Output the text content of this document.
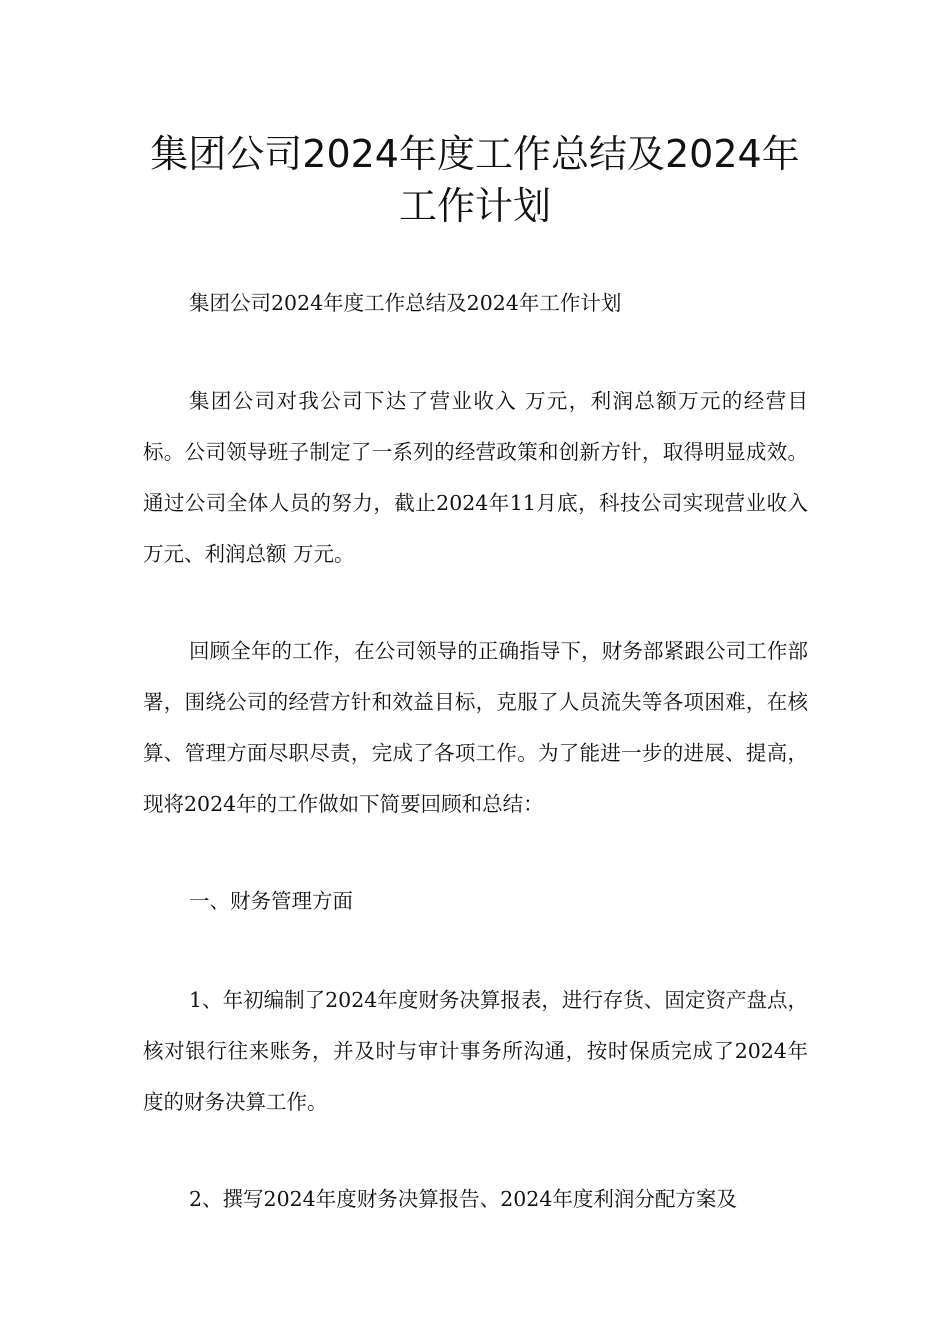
集团公司2024年度工作总结及2024年
工作计划

集团公司2024年度工作总结及2024年工作计划

集团公司对我公司下达了营业收入 万元，利润总额万元的经营目标。公司领导班子制定了一系列的经营政策和创新方针，取得明显成效。通过公司全体人员的努力，截止2024年11月底，科技公司实现营业收入 万元、利润总额 万元。

回顾全年的工作，在公司领导的正确指导下，财务部紧跟公司工作部署，围绕公司的经营方针和效益目标，克服了人员流失等各项困难，在核算、管理方面尽职尽责，完成了各项工作。为了能进一步的进展、提高，现将2024年的工作做如下简要回顾和总结：

一、财务管理方面

1、年初编制了2024年度财务决算报表，进行存货、固定资产盘点，核对银行往来账务，并及时与审计事务所沟通，按时保质完成了2024年度的财务决算工作。

2、撰写2024年度财务决算报告、2024年度利润分配方案及
